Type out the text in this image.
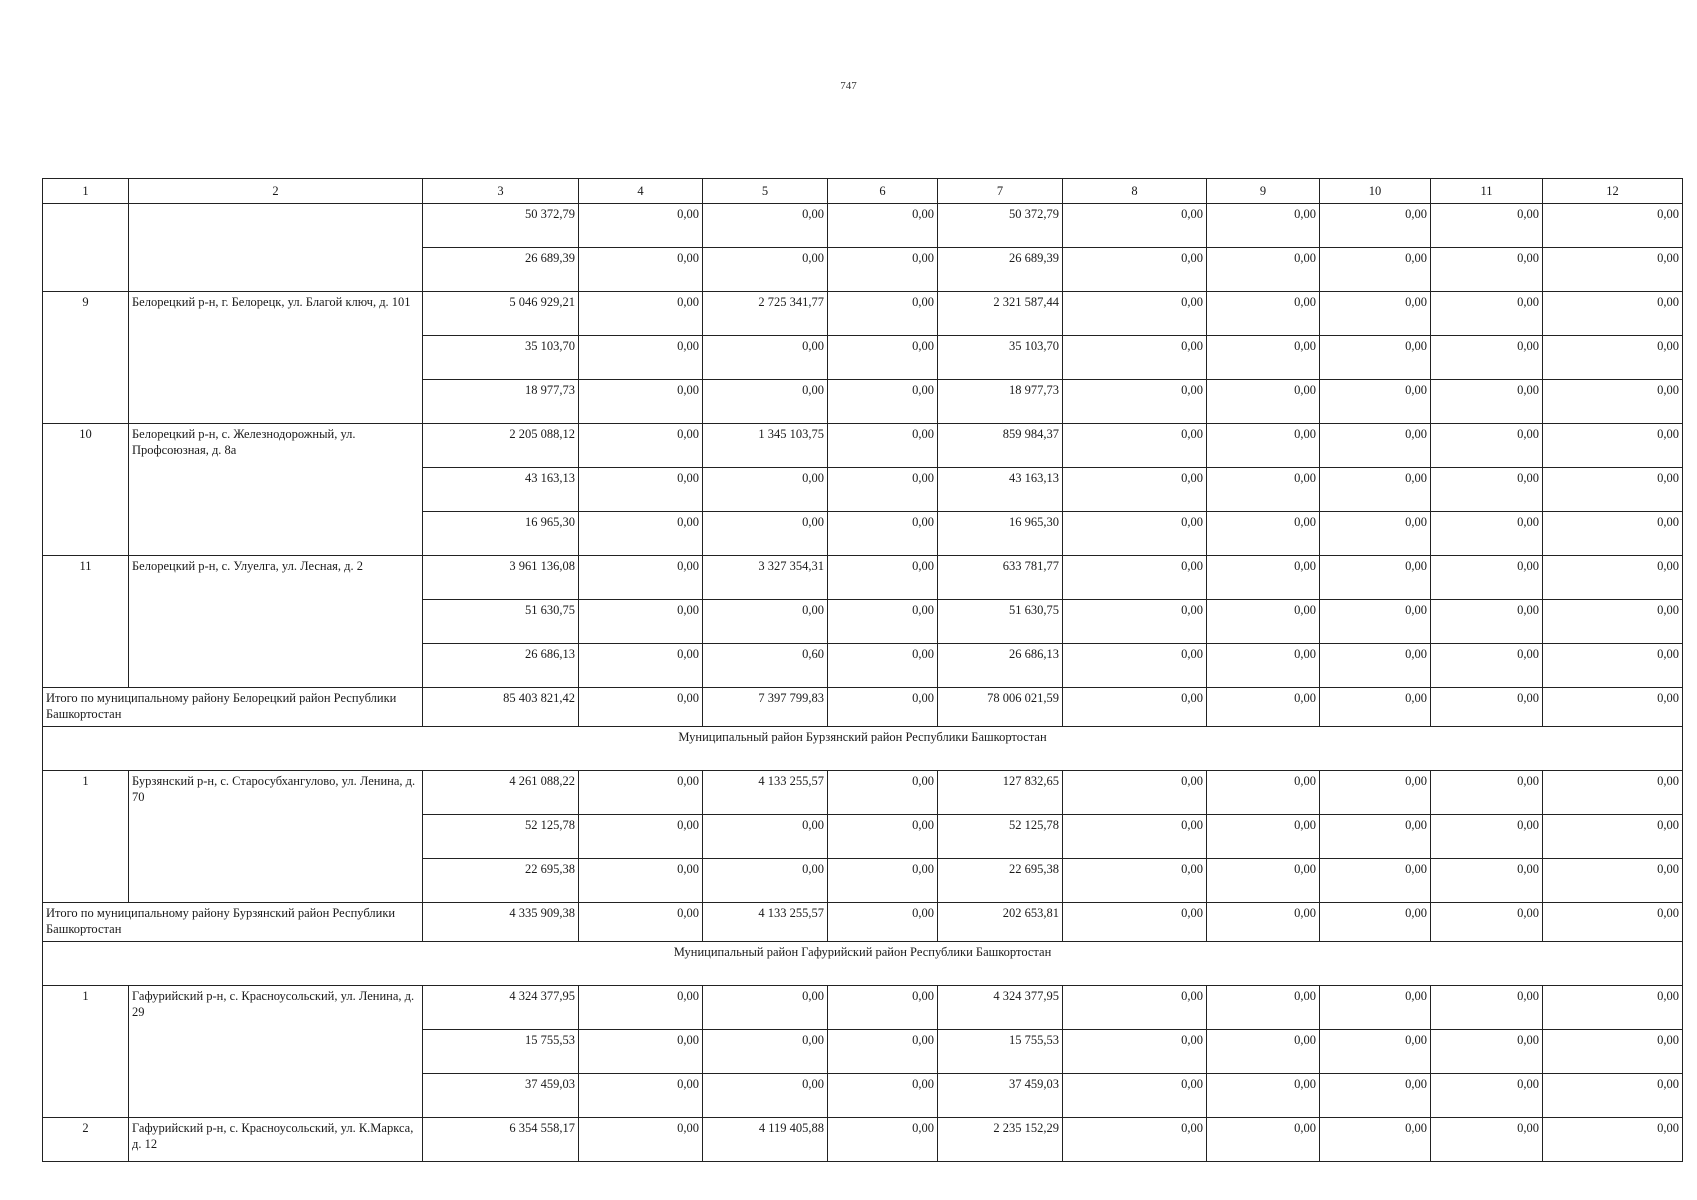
747
1	2	3	4	5	6	7	8	9	10	11	12
		50 372,79	0,00	0,00	0,00	50 372,79	0,00	0,00	0,00	0,00	0,00
		26 689,39	0,00	0,00	0,00	26 689,39	0,00	0,00	0,00	0,00	0,00
9	Белорецкий р-н, г. Белорецк, ул. Благой ключ, д. 101	5 046 929,21	0,00	2 725 341,77	0,00	2 321 587,44	0,00	0,00	0,00	0,00	0,00
		35 103,70	0,00	0,00	0,00	35 103,70	0,00	0,00	0,00	0,00	0,00
		18 977,73	0,00	0,00	0,00	18 977,73	0,00	0,00	0,00	0,00	0,00
10	Белорецкий р-н, с. Железнодорожный, ул. Профсоюзная, д. 8а	2 205 088,12	0,00	1 345 103,75	0,00	859 984,37	0,00	0,00	0,00	0,00	0,00
		43 163,13	0,00	0,00	0,00	43 163,13	0,00	0,00	0,00	0,00	0,00
		16 965,30	0,00	0,00	0,00	16 965,30	0,00	0,00	0,00	0,00	0,00
11	Белорецкий р-н, с. Улуелга, ул. Лесная, д. 2	3 961 136,08	0,00	3 327 354,31	0,00	633 781,77	0,00	0,00	0,00	0,00	0,00
		51 630,75	0,00	0,00	0,00	51 630,75	0,00	0,00	0,00	0,00	0,00
		26 686,13	0,00	0,60	0,00	26 686,13	0,00	0,00	0,00	0,00	0,00
Итого по муниципальному району Белорецкий район Республики Башкортостан		85 403 821,42	0,00	7 397 799,83	0,00	78 006 021,59	0,00	0,00	0,00	0,00	0,00
Муниципальный район Бурзянский район Республики Башкортостан											
1	Бурзянский р-н, с. Старосубхангулово, ул. Ленина, д. 70	4 261 088,22	0,00	4 133 255,57	0,00	127 832,65	0,00	0,00	0,00	0,00	0,00
		52 125,78	0,00	0,00	0,00	52 125,78	0,00	0,00	0,00	0,00	0,00
		22 695,38	0,00	0,00	0,00	22 695,38	0,00	0,00	0,00	0,00	0,00
Итого по муниципальному району Бурзянский район Республики Башкортостан		4 335 909,38	0,00	4 133 255,57	0,00	202 653,81	0,00	0,00	0,00	0,00	0,00
Муниципальный район Гафурийский район Республики Башкортостан											
1	Гафурийский р-н, с. Красноусольский, ул. Ленина, д. 29	4 324 377,95	0,00	0,00	0,00	4 324 377,95	0,00	0,00	0,00	0,00	0,00
		15 755,53	0,00	0,00	0,00	15 755,53	0,00	0,00	0,00	0,00	0,00
		37 459,03	0,00	0,00	0,00	37 459,03	0,00	0,00	0,00	0,00	0,00
2	Гафурийский р-н, с. Красноусольский, ул. К.Маркса, д. 12	6 354 558,17	0,00	4 119 405,88	0,00	2 235 152,29	0,00	0,00	0,00	0,00	0,00
